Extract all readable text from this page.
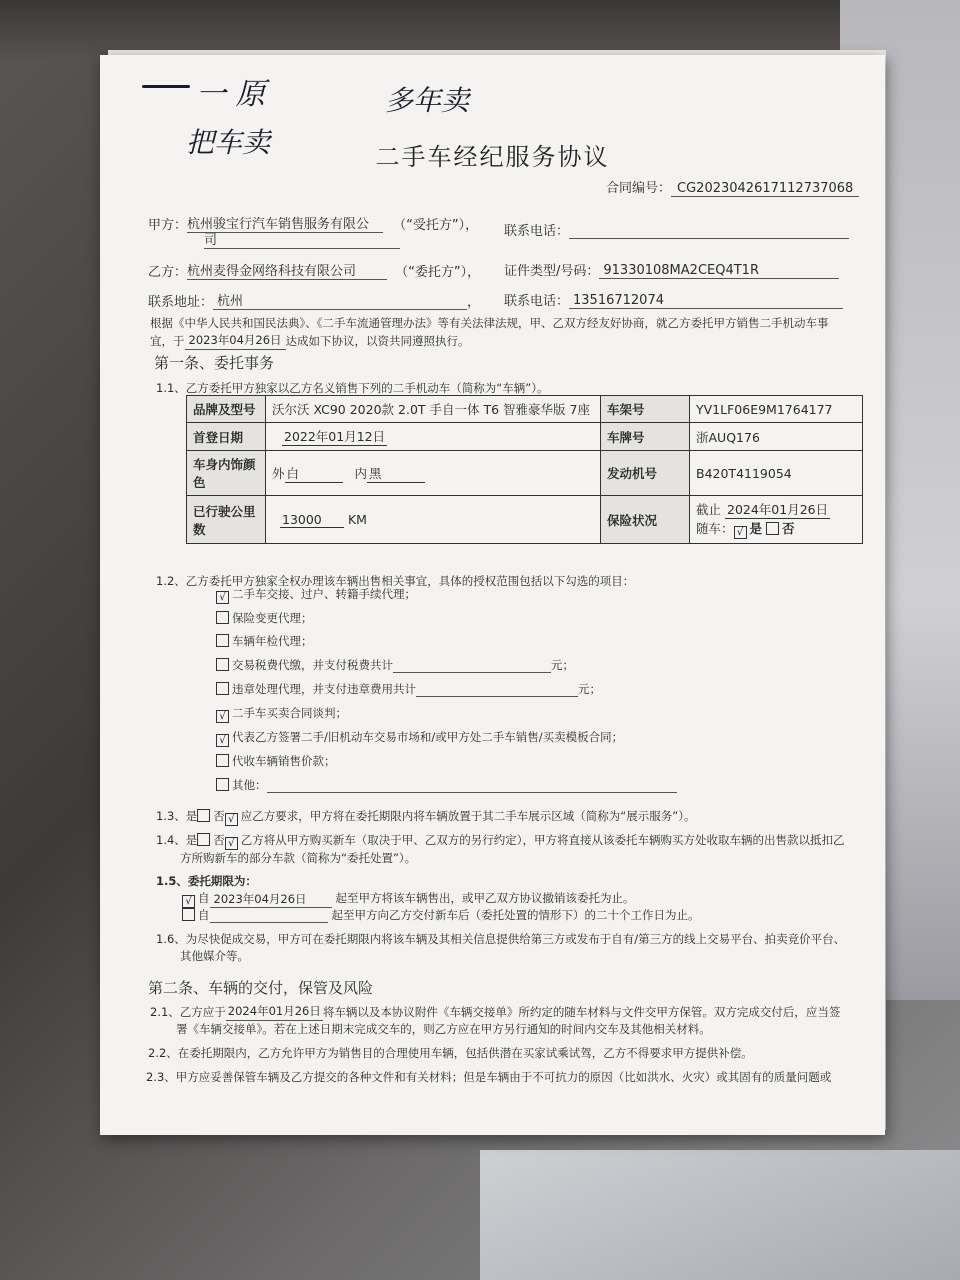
一 原	多年卖
把车卖	二手车经纪服务协议
合同编号： CG2023042617112737068
甲方：杭州骏宝行汽车销售服务有限公 （“受托方”），
司
联系电话：
乙方：杭州麦得金网络科技有限公司	（“委托方”）， 证件类型/号码： 91330108MA2CEQ4T1R
联系地址： 杭州	， 联系电话： 13516712074
根据《中华人民共和国民法典》、《二手车流通管理办法》等有关法律法规，甲、乙双方经友好协商，就乙方委托甲方销售二手机动车事
宜，于 2023年04月26日 达成如下协议，以资共同遵照执行。
第一条、委托事务
1.1、乙方委托甲方独家以乙方名义销售下列的二手机动车（简称为“车辆”）。
品牌及型号	沃尔沃 XC90 2020款 2.0T 手自一体 T6 智雅豪华版 7座	车架号	YV1LF06E9M1764177
首登日期	2022年01月12日	车牌号	浙AUQ176
车身内饰颜色	外 白 内 黑	发动机号	B420T4119054
已行驶公里数	13000 KM	保险状况	截止 2024年01月26日
随车： √ 是 否
1.2、乙方委托甲方独家全权办理该车辆出售相关事宜，具体的授权范围包括以下勾选的项目：
√ 二手车交接、过户、转籍手续代理；
保险变更代理；
车辆年检代理；
交易税费代缴，并支付税费共计	元；
违章处理代理，并支付违章费用共计	元；
√ 二手车买卖合同谈判；
√ 代表乙方签署二手/旧机动车交易市场和/或甲方处二手车销售/买卖模板合同；
代收车辆销售价款；
其他：
1.3、是 否 √ 应乙方要求，甲方将在委托期限内将车辆放置于其二手车展示区域（简称为“展示服务”）。
1.4、是 否 √ 乙方将从甲方购买新车（取决于甲、乙双方的另行约定），甲方将直接从该委托车辆购买方处收取车辆的出售款以抵扣乙
方所购新车的部分车款（简称为“委托处置”）。
1.5、委托期限为：
√ 自 2023年04月26日	起至甲方将该车辆售出，或甲乙双方协议撤销该委托为止。
自	起至甲方向乙方交付新车后（委托处置的情形下）的二十个工作日为止。
1.6、为尽快促成交易，甲方可在委托期限内将该车辆及其相关信息提供给第三方或发布于自有/第三方的线上交易平台、拍卖竞价平台、
其他媒介等。
第二条、车辆的交付，保管及风险
2.1、乙方应于 2024年01月26日 将车辆以及本协议附件《车辆交接单》所约定的随车材料与文件交甲方保管。双方完成交付后，应当签
署《车辆交接单》。若在上述日期末完成交车的，则乙方应在甲方另行通知的时间内交车及其他相关材料。
2.2、在委托期限内，乙方允许甲方为销售目的合理使用车辆，包括供潜在买家试乘试驾，乙方不得要求甲方提供补偿。
2.3、甲方应妥善保管车辆及乙方提交的各种文件和有关材料；但是车辆由于不可抗力的原因（比如洪水、火灾）或其固有的质量问题或
